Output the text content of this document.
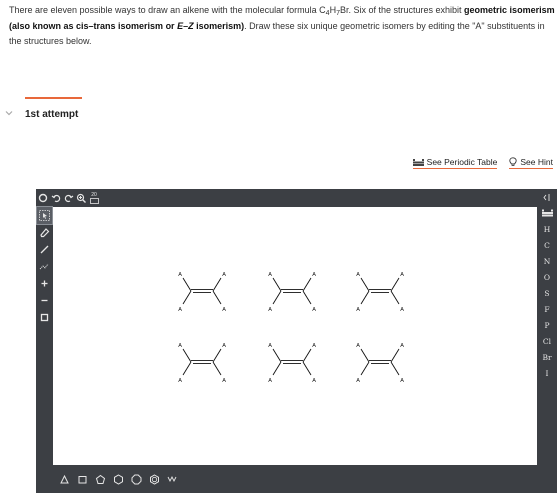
There are eleven possible ways to draw an alkene with the molecular formula $C_4H_7Br$. Six of the structures exhibit geometric isomerism (also known as cis–trans isomerism or E–Z isomerism). Draw these six unique geometric isomers by editing the "A" substituents in the structures below.
1st attempt
See Periodic Table	See Hint
20
H
C
N
O
S
F
P
Cl
Br
I
A
A
A
A
A
A
A
A
A
A
A
A
A
A
A
A
A
A
A
A
A
A
A
A
